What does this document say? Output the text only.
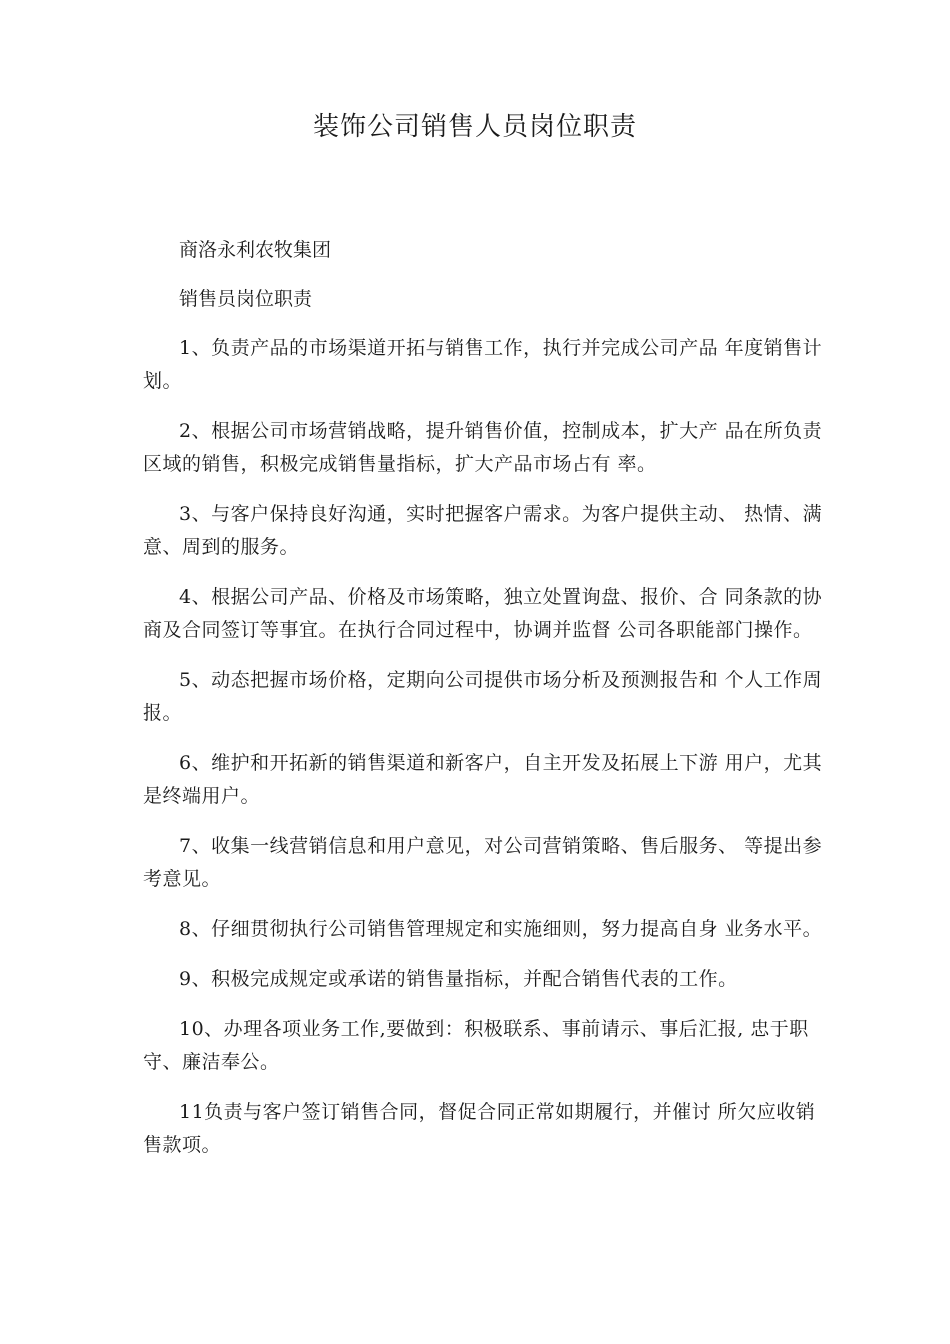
装饰公司销售人员岗位职责

商洛永利农牧集团

销售员岗位职责

1、负责产品的市场渠道开拓与销售工作，执行并完成公司产品 年度销售计划。

2、根据公司市场营销战略，提升销售价值，控制成本，扩大产 品在所负责区域的销售，积极完成销售量指标，扩大产品市场占有 率。

3、与客户保持良好沟通，实时把握客户需求。为客户提供主动、 热情、满意、周到的服务。

4、根据公司产品、价格及市场策略，独立处置询盘、报价、合 同条款的协商及合同签订等事宜。在执行合同过程中，协调并监督 公司各职能部门操作。

5、动态把握市场价格，定期向公司提供市场分析及预测报告和 个人工作周报。

6、维护和开拓新的销售渠道和新客户，自主开发及拓展上下游 用户，尤其是终端用户。

7、收集一线营销信息和用户意见，对公司营销策略、售后服务、 等提出参考意见。

8、仔细贯彻执行公司销售管理规定和实施细则，努力提高自身 业务水平。

9、积极完成规定或承诺的销售量指标，并配合销售代表的工作。

10、办理各项业务工作,要做到：积极联系、事前请示、事后汇报, 忠于职守、廉洁奉公。

11负责与客户签订销售合同，督促合同正常如期履行，并催讨 所欠应收销售款项。
